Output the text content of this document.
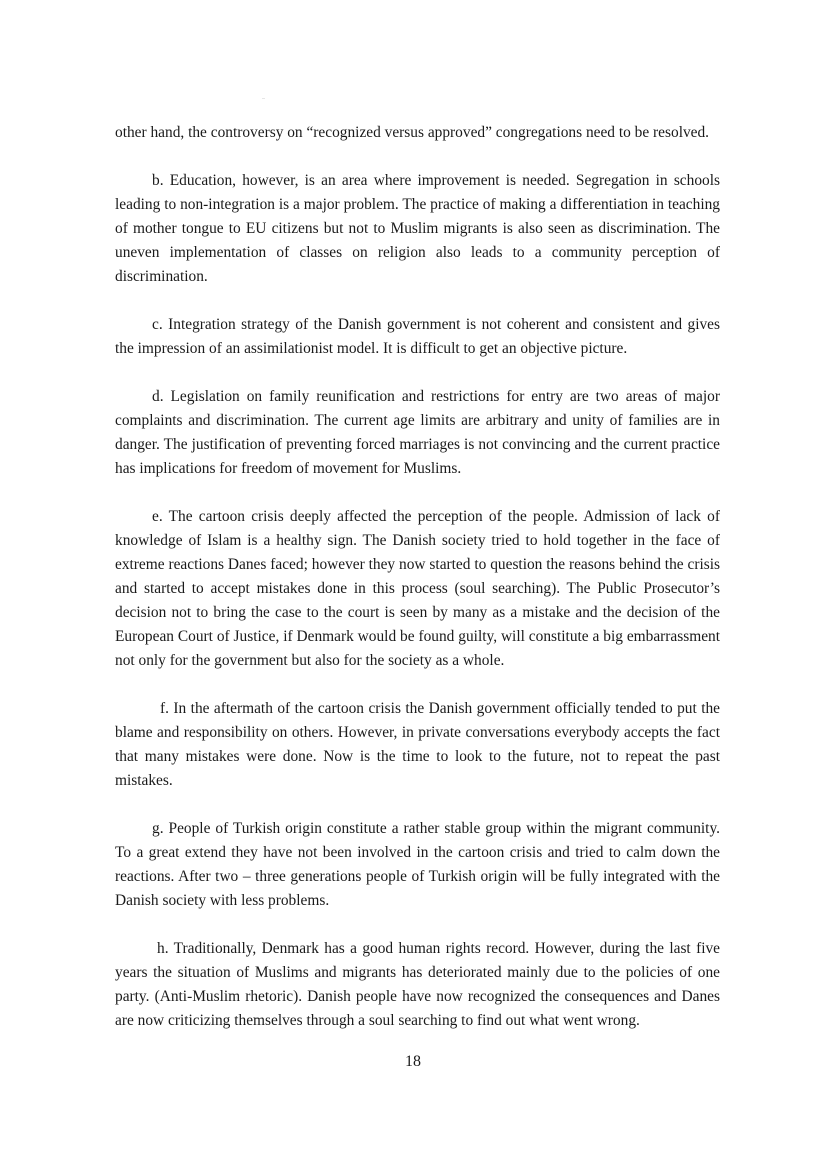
other hand, the controversy on “recognized versus approved” congregations need to be resolved.

b. Education, however, is an area where improvement is needed. Segregation in schools leading to non-integration is a major problem. The practice of making a differentiation in teaching of mother tongue to EU citizens but not to Muslim migrants is also seen as discrimination. The uneven implementation of classes on religion also leads to a community perception of discrimination.

c. Integration strategy of the Danish government is not coherent and consistent and gives the impression of an assimilationist model. It is difficult to get an objective picture.

d. Legislation on family reunification and restrictions for entry are two areas of major complaints and discrimination. The current age limits are arbitrary and unity of families are in danger. The justification of preventing forced marriages is not convincing and the current practice has implications for freedom of movement for Muslims.

e. The cartoon crisis deeply affected the perception of the people. Admission of lack of knowledge of Islam is a healthy sign. The Danish society tried to hold together in the face of extreme reactions Danes faced; however they now started to question the reasons behind the crisis and started to accept mistakes done in this process (soul searching). The Public Prosecutor’s decision not to bring the case to the court is seen by many as a mistake and the decision of the European Court of Justice, if Denmark would be found guilty, will constitute a big embarrassment not only for the government but also for the society as a whole.

f. In the aftermath of the cartoon crisis the Danish government officially tended to put the blame and responsibility on others. However, in private conversations everybody accepts the fact that many mistakes were done. Now is the time to look to the future, not to repeat the past mistakes.

g. People of Turkish origin constitute a rather stable group within the migrant community. To a great extend they have not been involved in the cartoon crisis and tried to calm down the reactions. After two – three generations people of Turkish origin will be fully integrated with the Danish society with less problems.

h. Traditionally, Denmark has a good human rights record. However, during the last five years the situation of Muslims and migrants has deteriorated mainly due to the policies of one party. (Anti-Muslim rhetoric). Danish people have now recognized the consequences and Danes are now criticizing themselves through a soul searching to find out what went wrong.

18
